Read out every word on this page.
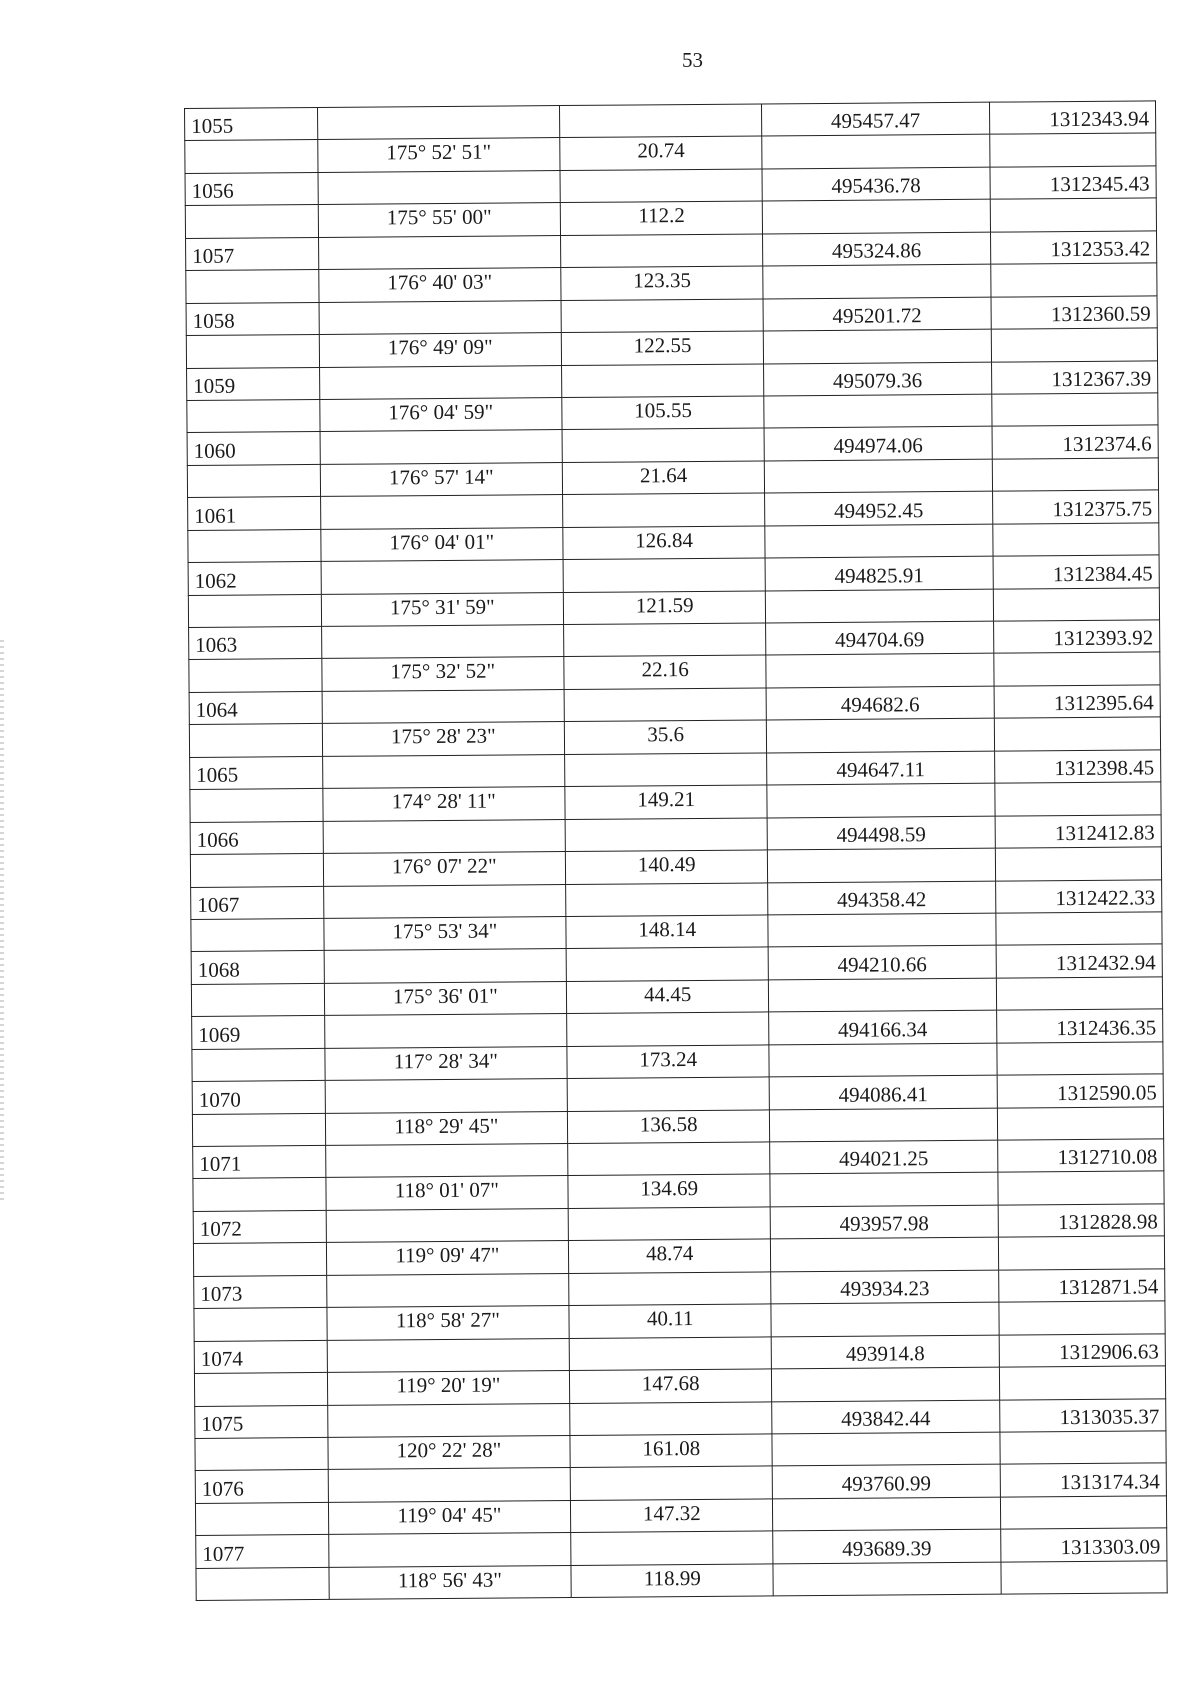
53
1055			495457.47	1312343.94
	175° 52' 51"	20.74		
1056			495436.78	1312345.43
	175° 55' 00"	112.2		
1057			495324.86	1312353.42
	176° 40' 03"	123.35		
1058			495201.72	1312360.59
	176° 49' 09"	122.55		
1059			495079.36	1312367.39
	176° 04' 59"	105.55		
1060			494974.06	1312374.6
	176° 57' 14"	21.64		
1061			494952.45	1312375.75
	176° 04' 01"	126.84		
1062			494825.91	1312384.45
	175° 31' 59"	121.59		
1063			494704.69	1312393.92
	175° 32' 52"	22.16		
1064			494682.6	1312395.64
	175° 28' 23"	35.6		
1065			494647.11	1312398.45
	174° 28' 11"	149.21		
1066			494498.59	1312412.83
	176° 07' 22"	140.49		
1067			494358.42	1312422.33
	175° 53' 34"	148.14		
1068			494210.66	1312432.94
	175° 36' 01"	44.45		
1069			494166.34	1312436.35
	117° 28' 34"	173.24		
1070			494086.41	1312590.05
	118° 29' 45"	136.58		
1071			494021.25	1312710.08
	118° 01' 07"	134.69		
1072			493957.98	1312828.98
	119° 09' 47"	48.74		
1073			493934.23	1312871.54
	118° 58' 27"	40.11		
1074			493914.8	1312906.63
	119° 20' 19"	147.68		
1075			493842.44	1313035.37
	120° 22' 28"	161.08		
1076			493760.99	1313174.34
	119° 04' 45"	147.32		
1077			493689.39	1313303.09
	118° 56' 43"	118.99		
